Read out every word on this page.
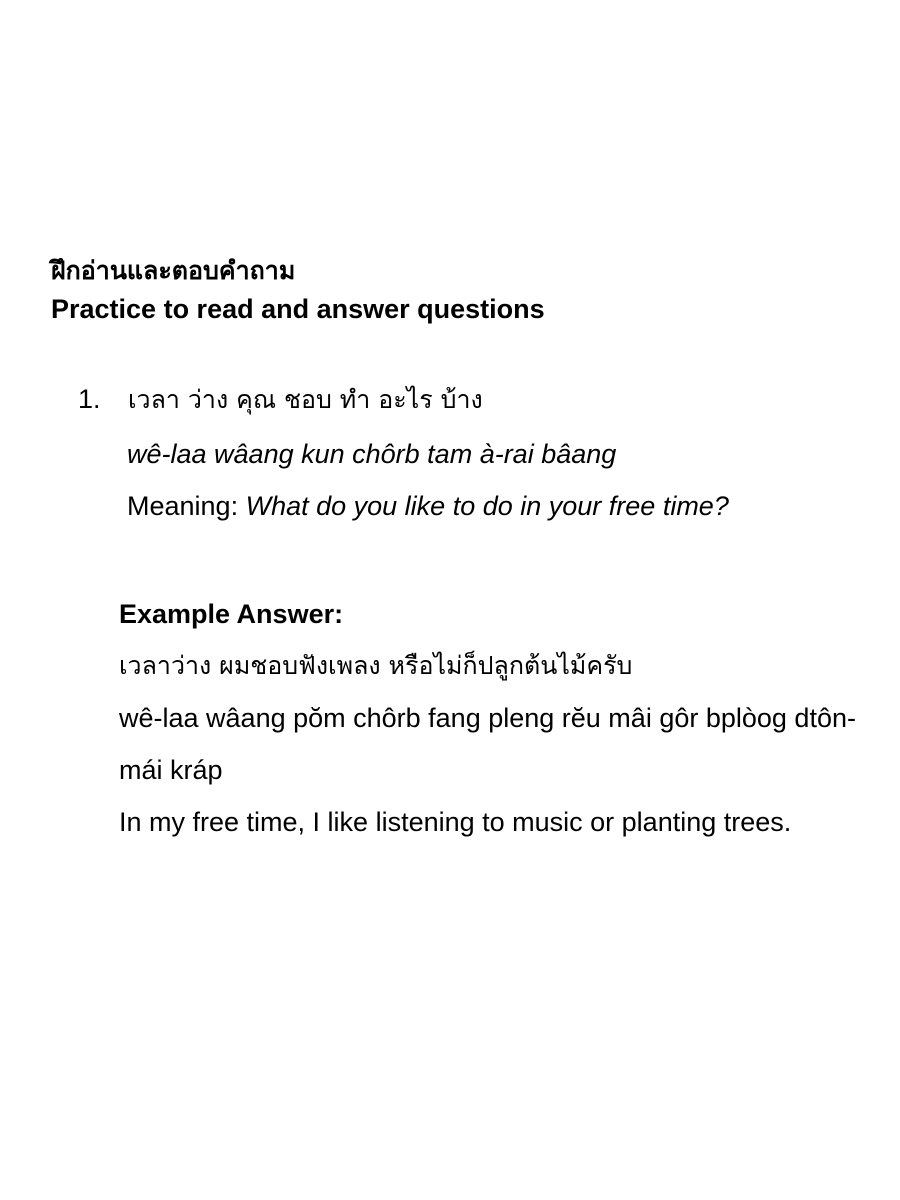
ฝึกอ่านและตอบคำถาม
Practice to read and answer questions
1.	เวลา ว่าง คุณ ชอบ ทำ อะไร บ้าง
wê-laa wâang kun chôrb tam à-rai bâang
Meaning: What do you like to do in your free time?
Example Answer:
เวลาว่าง ผมชอบฟังเพลง หรือไม่ก็ปลูกต้นไม้ครับ
wê-laa wâang pŏm chôrb fang pleng rĕu mâi gôr bplòog dtôn-mái kráp
In my free time, I like listening to music or planting trees.
